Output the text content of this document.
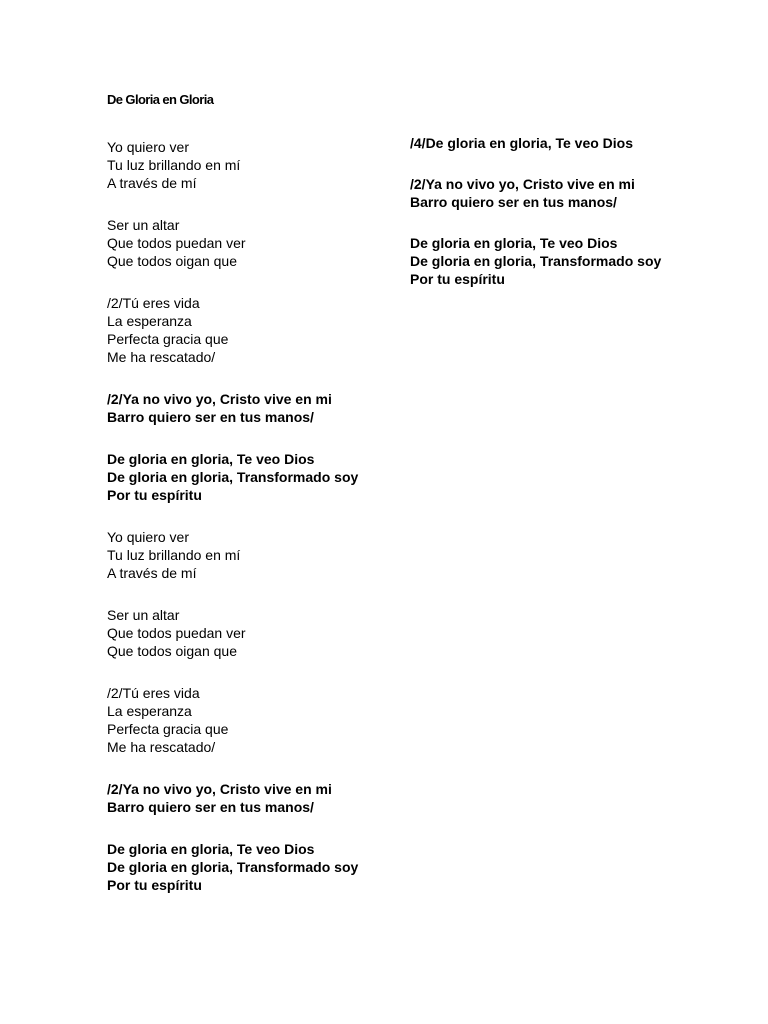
De Gloria en Gloria
Yo quiero ver
Tu luz brillando en mí
A través de mí
Ser un altar
Que todos puedan ver
Que todos oigan que
/2/Tú eres vida
La esperanza
Perfecta gracia que
Me ha rescatado/
/2/Ya no vivo yo, Cristo vive en mi
Barro quiero ser en tus manos/
De gloria en gloria, Te veo Dios
De gloria en gloria, Transformado soy
Por tu espíritu
Yo quiero ver
Tu luz brillando en mí
A través de mí
Ser un altar
Que todos puedan ver
Que todos oigan que
/2/Tú eres vida
La esperanza
Perfecta gracia que
Me ha rescatado/
/2/Ya no vivo yo, Cristo vive en mi
Barro quiero ser en tus manos/
De gloria en gloria, Te veo Dios
De gloria en gloria, Transformado soy
Por tu espíritu
/4/De gloria en gloria, Te veo Dios
/2/Ya no vivo yo, Cristo vive en mi
Barro quiero ser en tus manos/
De gloria en gloria, Te veo Dios
De gloria en gloria, Transformado soy
Por tu espíritu
